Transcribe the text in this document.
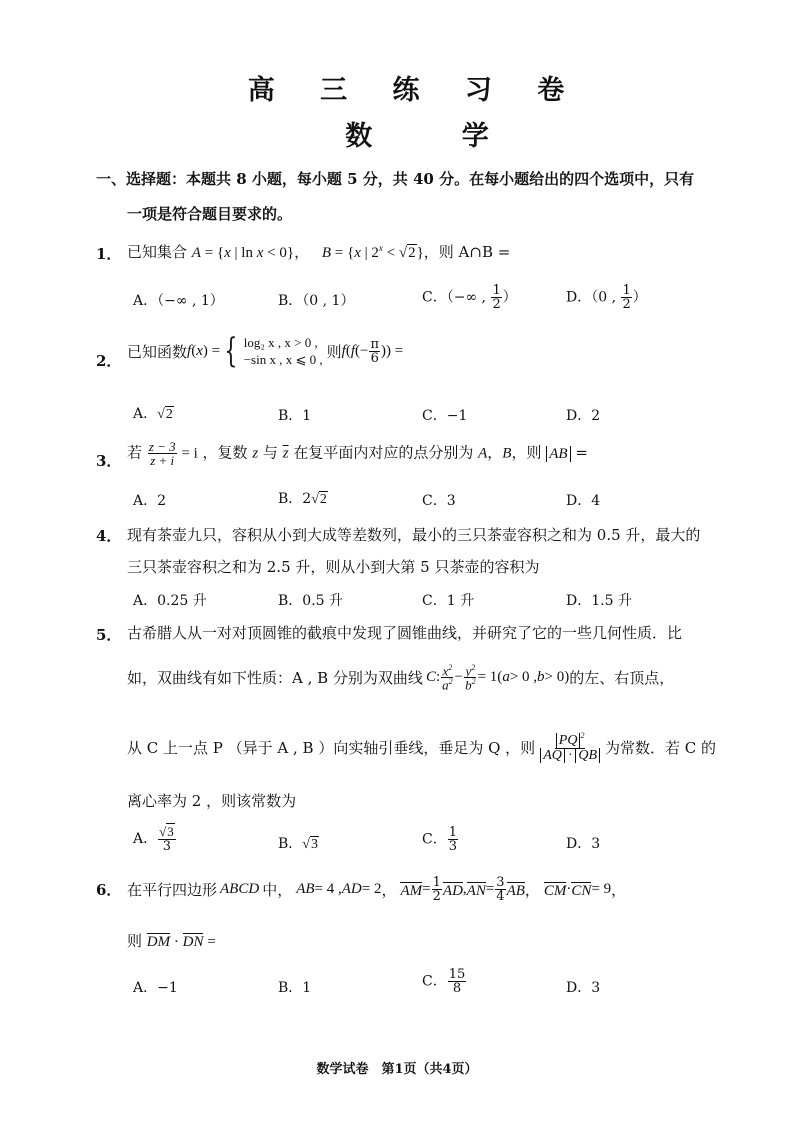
高 三 练 习 卷
数 学
一、选择题：本题共 8 小题，每小题 5 分，共 40 分。在每小题给出的四个选项中，只有
一项是符合题目要求的。
1． 已知集合 A = {x | ln x < 0}， B = {x | $2^x < √2$}，则 A∩B =
A．（−∞ , 1）	B．（0 , 1）	C．（−∞ , $\frac{1}{2}$ ）	D．（0 , $\frac{1}{2}$ ）
2．
已知函数 f ( x ) = { log₂ x , x > 0 ,
−sin x , x ⩽ 0 , 则 f ( f (− $\frac{\pi}{6}$ )) =
A．√2	B．1	C．−1	D．2
3． 若 $\frac{z - 3}{z + i} = i$ ，复数 z 与 $\overline{z}$ 在复平面内对应的点分别为 A，B，则 AB =
A．2	B．2√2	C．3	D．4
4． 现有茶壶九只，容积从小到大成等差数列，最小的三只茶壶容积之和为 0.5 升，最大的
三只茶壶容积之和为 2.5 升，则从小到大第 5 只茶壶的容积为
A．0.25 升	B．0.5 升	C．1 升	D．1.5 升
5． 古希腊人从一对对顶圆锥的截痕中发现了圆锥曲线，并研究了它的一些几何性质．比
如，双曲线有如下性质：A , B 分别为双曲线 C : $\frac{x^2}{a^2} - \frac{y^2}{b^2} = 1$( a > 0 , b > 0) 的左、右顶点，
从 C 上一点 P （异于 A , B ）向实轴引垂线，垂足为 Q ，则 $\frac{PQ ^2}{AQ \cdot QB}$ 为常数．若 C 的
离心率为 2 ，则该常数为
A． $\frac{√3}{3}$	B．√3	C． $\frac{1}{3}$	D．3
6． 在平行四边形 ABCD 中， AB = 4 , AD = 2 ， AM = $\frac{1}{2}$ AD , AN = $\frac{3}{4}$ AB ， CM · CN = 9 ，
则 DM · DN =
A．−1	B．1	C． $\frac{15}{8}$	D．3
数学试卷　第1页（共4页）
